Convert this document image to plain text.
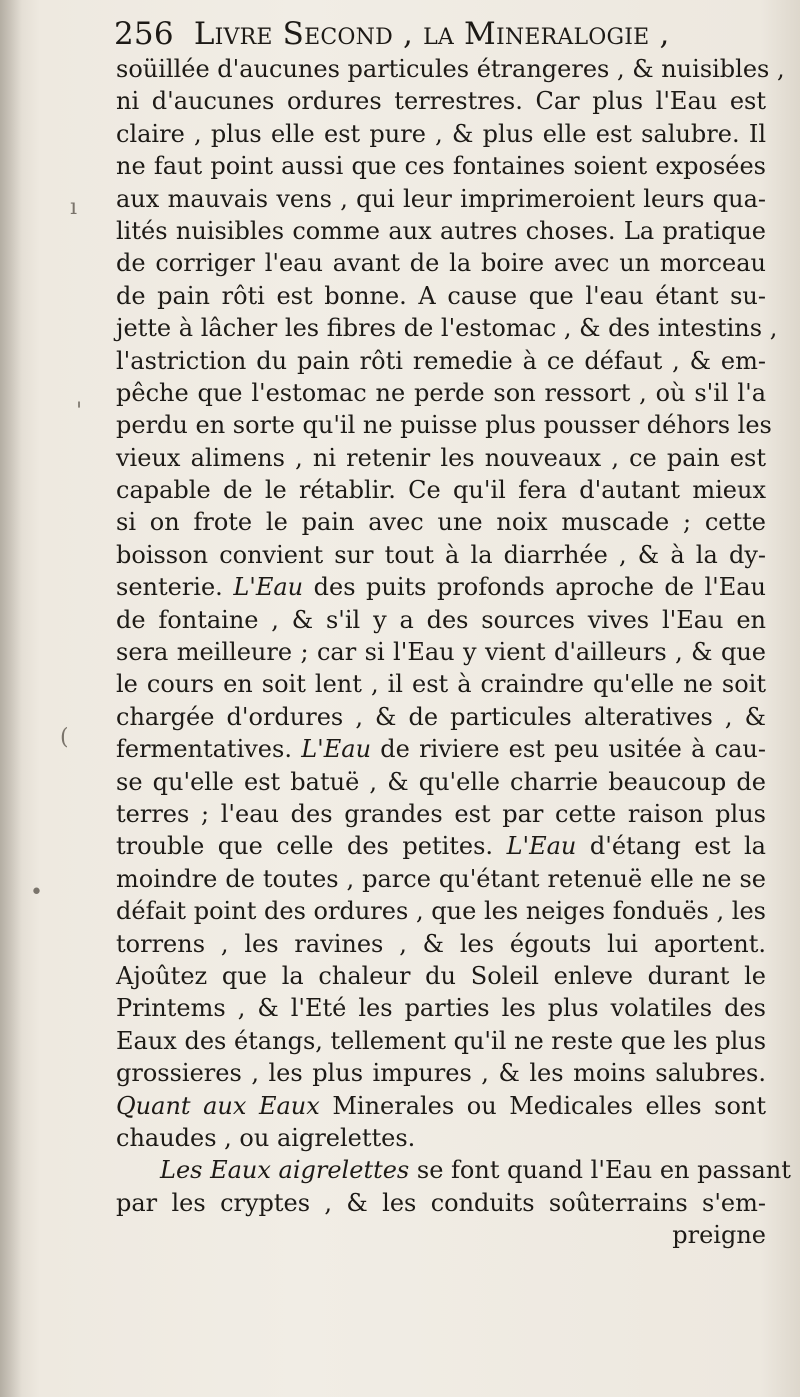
256 Livre Second , la Mineralogie ,
soüillée d'aucunes particules étrangeres , & nuisibles ,
ni d'aucunes ordures terrestres. Car plus l'Eau est
claire , plus elle est pure , & plus elle est salubre. Il
ne faut point aussi que ces fontaines soient exposées
aux mauvais vens , qui leur imprimeroient leurs qua-
lités nuisibles comme aux autres choses. La pratique
de corriger l'eau avant de la boire avec un morceau
de pain rôti est bonne. A cause que l'eau étant su-
jette à lâcher les fibres de l'estomac , & des intestins ,
l'astriction du pain rôti remedie à ce défaut , & em-
pêche que l'estomac ne perde son ressort , où s'il l'a
perdu en sorte qu'il ne puisse plus pousser déhors les
vieux alimens , ni retenir les nouveaux , ce pain est
capable de le rétablir. Ce qu'il fera d'autant mieux
si on frote le pain avec une noix muscade ; cette
boisson convient sur tout à la diarrhée , & à la dy-
senterie. L'Eau des puits profonds aproche de l'Eau
de fontaine , & s'il y a des sources vives l'Eau en
sera meilleure ; car si l'Eau y vient d'ailleurs , & que
le cours en soit lent , il est à craindre qu'elle ne soit
chargée d'ordures , & de particules alteratives , &
fermentatives. L'Eau de riviere est peu usitée à cau-
se qu'elle est batuë , & qu'elle charrie beaucoup de
terres ; l'eau des grandes est par cette raison plus
trouble que celle des petites. L'Eau d'étang est la
moindre de toutes , parce qu'étant retenuë elle ne se
défait point des ordures , que les neiges fonduës , les
torrens , les ravines , & les égouts lui aportent.
Ajoûtez que la chaleur du Soleil enleve durant le
Printems , & l'Eté les parties les plus volatiles des
Eaux des étangs, tellement qu'il ne reste que les plus
grossieres , les plus impures , & les moins salubres.
Quant aux Eaux Minerales ou Medicales elles sont
chaudes , ou aigrelettes.
Les Eaux aigrelettes se font quand l'Eau en passant
par les cryptes , & les conduits soûterrains s'em-
preigne
ı
'
(
•
